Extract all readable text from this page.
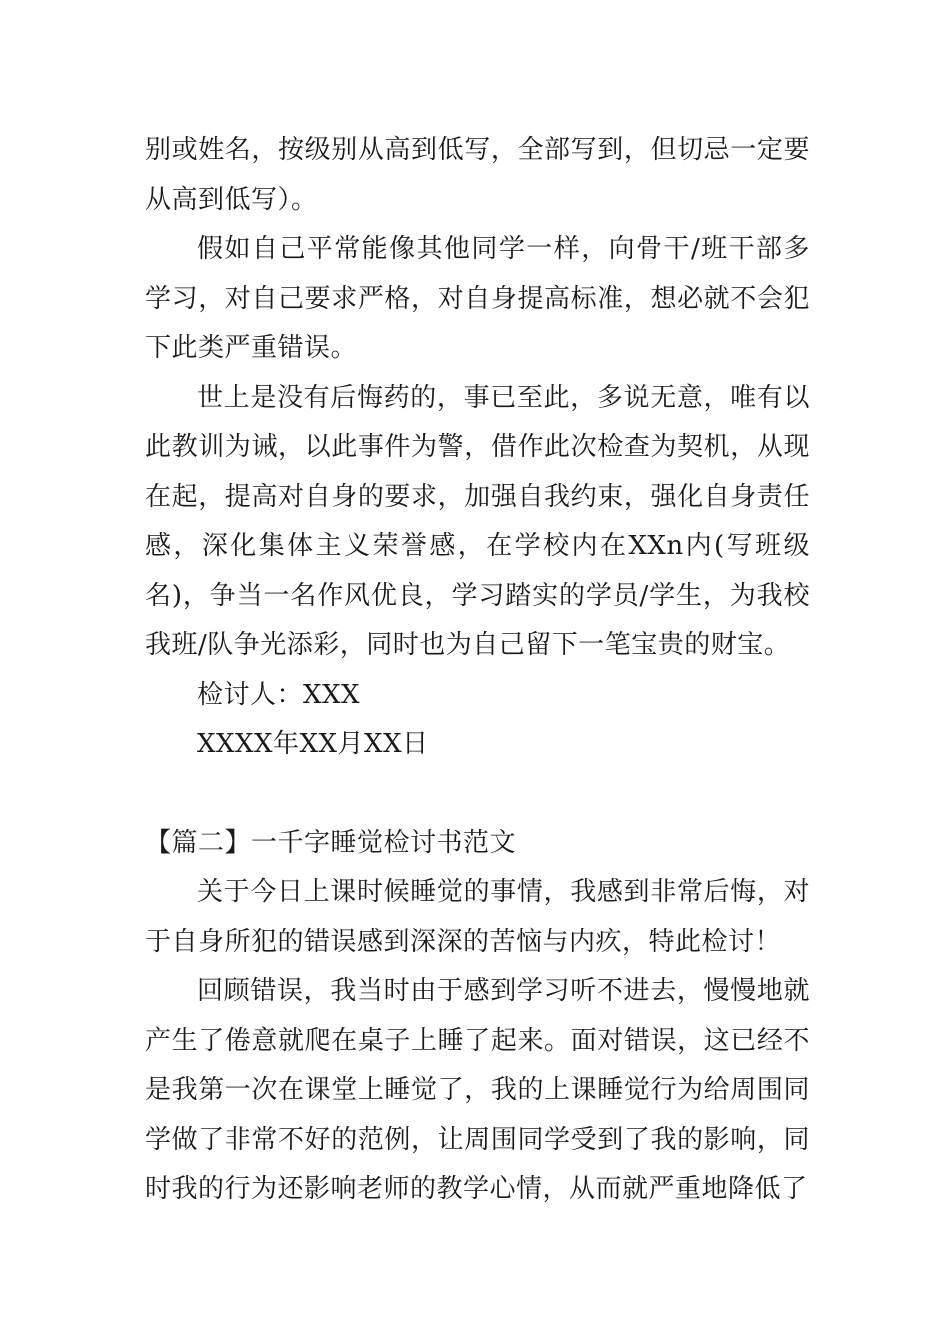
别或姓名，按级别从高到低写，全部写到，但切忌一定要从高到低写）。

假如自己平常能像其他同学一样，向骨干/班干部多学习，对自己要求严格，对自身提高标准，想必就不会犯下此类严重错误。

世上是没有后悔药的，事已至此，多说无意，唯有以此教训为诫，以此事件为警，借作此次检查为契机，从现在起，提高对自身的要求，加强自我约束，强化自身责任感，深化集体主义荣誉感，在学校内在XXn内(写班级名)，争当一名作风优良，学习踏实的学员/学生，为我校我班/队争光添彩，同时也为自己留下一笔宝贵的财宝。

检讨人：XXX

XXXX年XX月XX日

【篇二】一千字睡觉检讨书范文

关于今日上课时候睡觉的事情，我感到非常后悔，对于自身所犯的错误感到深深的苦恼与内疚，特此检讨！

回顾错误，我当时由于感到学习听不进去，慢慢地就产生了倦意就爬在桌子上睡了起来。面对错误，这已经不是我第一次在课堂上睡觉了，我的上课睡觉行为给周围同学做了非常不好的范例，让周围同学受到了我的影响，同时我的行为还影响老师的教学心情，从而就严重地降低了
